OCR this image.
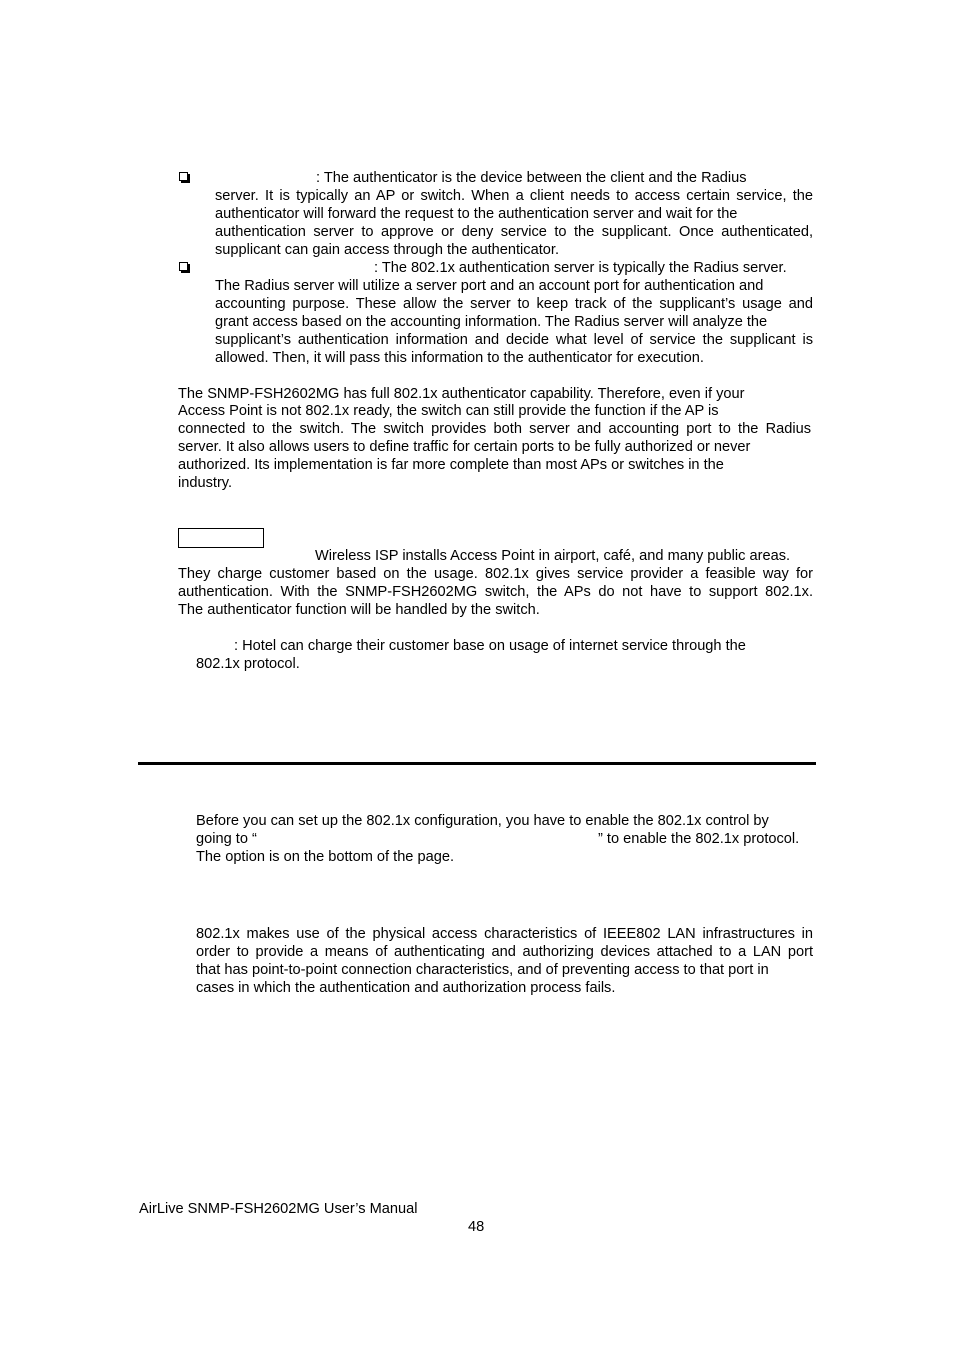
: The authenticator is the device between the client and the Radius
server. It is typically an AP or switch. When a client needs to access certain service, the
authenticator will forward the request to the authentication server and wait for the
authentication server to approve or deny service to the supplicant. Once authenticated,
supplicant can gain access through the authenticator.
: The 802.1x authentication server is typically the Radius server.
The Radius server will utilize a server port and an account port for authentication and
accounting purpose. These allow the server to keep track of the supplicant’s usage and
grant access based on the accounting information. The Radius server will analyze the
supplicant’s authentication information and decide what level of service the supplicant is
allowed. Then, it will pass this information to the authenticator for execution.
The SNMP-FSH2602MG has full 802.1x authenticator capability. Therefore, even if your
Access Point is not 802.1x ready, the switch can still provide the function if the AP is
connected to the switch. The switch provides both server and accounting port to the Radius
server. It also allows users to define traffic for certain ports to be fully authorized or never
authorized. Its implementation is far more complete than most APs or switches in the
industry.
Wireless ISP installs Access Point in airport, café, and many public areas.
They charge customer based on the usage. 802.1x gives service provider a feasible way for
authentication. With the SNMP-FSH2602MG switch, the APs do not have to support 802.1x.
The authenticator function will be handled by the switch.
: Hotel can charge their customer base on usage of internet service through the
802.1x protocol.
Before you can set up the 802.1x configuration, you have to enable the 802.1x control by
going to “	” to enable the 802.1x protocol.
The option is on the bottom of the page.
802.1x makes use of the physical access characteristics of IEEE802 LAN infrastructures in
order to provide a means of authenticating and authorizing devices attached to a LAN port
that has point-to-point connection characteristics, and of preventing access to that port in
cases in which the authentication and authorization process fails.
AirLive SNMP-FSH2602MG User’s Manual
48
